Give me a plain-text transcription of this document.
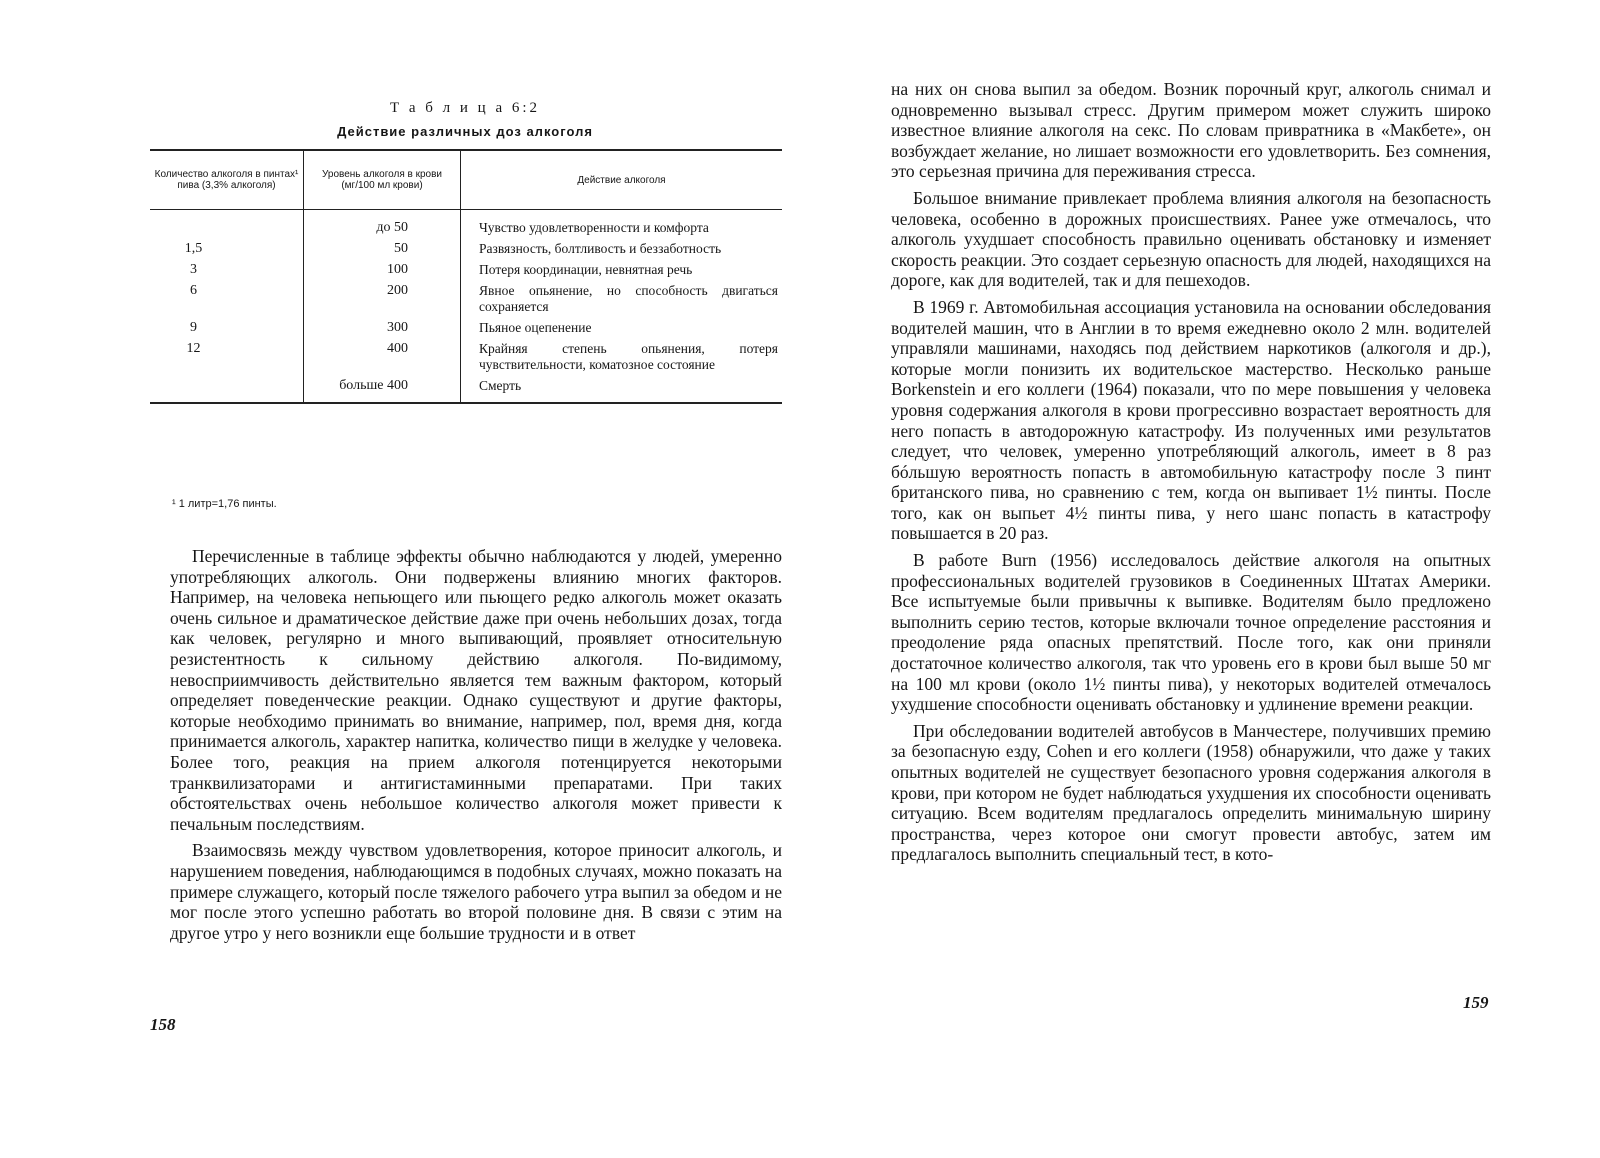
Т а б л и ц а 6:2
Действие различных доз алкоголя
Количество алкоголя в пинтах¹ пива (3,3% алкоголя)	Уровень алкоголя в крови (мг/100 мл крови)	Действие алкоголя
	до 50	Чувство удовлетворенности и комфорта
1,5	50	Развязность, болтливость и беззаботность
3	100	Потеря координации, невнятная речь
6	200	Явное опьянение, но способность двигаться сохраняется
9	300	Пьяное оцепенение
12	400	Крайняя степень опьянения, потеря чувствительности, коматозное состояние
	больше 400	Смерть
¹ 1 литр=1,76 пинты.

Перечисленные в таблице эффекты обычно наблюдаются у людей, умеренно употребляющих алкоголь. Они подвержены влиянию многих факторов. Например, на человека непьющего или пьющего редко алкоголь может оказать очень сильное и драматическое действие даже при очень небольших дозах, тогда как человек, регулярно и много выпивающий, проявляет относительную резистентность к сильному действию алкоголя. По-видимому, невосприимчивость действительно является тем важным фактором, который определяет поведенческие реакции. Однако существуют и другие факторы, которые необходимо принимать во внимание, например, пол, время дня, когда принимается алкоголь, характер напитка, количество пищи в желудке у человека. Более того, реакция на прием алкоголя потенцируется некоторыми транквилизаторами и антигистаминными препаратами. При таких обстоятельствах очень небольшое количество алкоголя может привести к печальным последствиям.

Взаимосвязь между чувством удовлетворения, которое приносит алкоголь, и нарушением поведения, наблюдающимся в подобных случаях, можно показать на примере служащего, который после тяжелого рабочего утра выпил за обедом и не мог после этого успешно работать во второй половине дня. В связи с этим на другое утро у него возникли еще большие трудности и в ответ

158

на них он снова выпил за обедом. Возник порочный круг, алкоголь снимал и одновременно вызывал стресс. Другим примером может служить широко известное влияние алкоголя на секс. По словам привратника в «Макбете», он возбуждает желание, но лишает возможности его удовлетворить. Без сомнения, это серьезная причина для переживания стресса.

Большое внимание привлекает проблема влияния алкоголя на безопасность человека, особенно в дорожных происшествиях. Ранее уже отмечалось, что алкоголь ухудшает способность правильно оценивать обстановку и изменяет скорость реакции. Это создает серьезную опасность для людей, находящихся на дороге, как для водителей, так и для пешеходов.

В 1969 г. Автомобильная ассоциация установила на основании обследования водителей машин, что в Англии в то время ежедневно около 2 млн. водителей управляли машинами, находясь под действием наркотиков (алкоголя и др.), которые могли понизить их водительское мастерство. Несколько раньше Borkenstein и его коллеги (1964) показали, что по мере повышения у человека уровня содержания алкоголя в крови прогрессивно возрастает вероятность для него попасть в автодорожную катастрофу. Из полученных ими результатов следует, что человек, умеренно употребляющий алкоголь, имеет в 8 раз бóльшую вероятность попасть в автомобильную катастрофу после 3 пинт британского пива, но сравнению с тем, когда он выпивает 1½ пинты. После того, как он выпьет 4½ пинты пива, у него шанс попасть в катастрофу повышается в 20 раз.

В работе Burn (1956) исследовалось действие алкоголя на опытных профессиональных водителей грузовиков в Соединенных Штатах Америки. Все испытуемые были привычны к выпивке. Водителям было предложено выполнить серию тестов, которые включали точное определение расстояния и преодоление ряда опасных препятствий. После того, как они приняли достаточное количество алкоголя, так что уровень его в крови был выше 50 мг на 100 мл крови (около 1½ пинты пива), у некоторых водителей отмечалось ухудшение способности оценивать обстановку и удлинение времени реакции.

При обследовании водителей автобусов в Манчестере, получивших премию за безопасную езду, Cohen и его коллеги (1958) обнаружили, что даже у таких опытных водителей не существует безопасного уровня содержания алкоголя в крови, при котором не будет наблюдаться ухудшения их способности оценивать ситуацию. Всем водителям предлагалось определить минимальную ширину пространства, через которое они смогут провести автобус, затем им предлагалось выполнить специальный тест, в кото-

159
